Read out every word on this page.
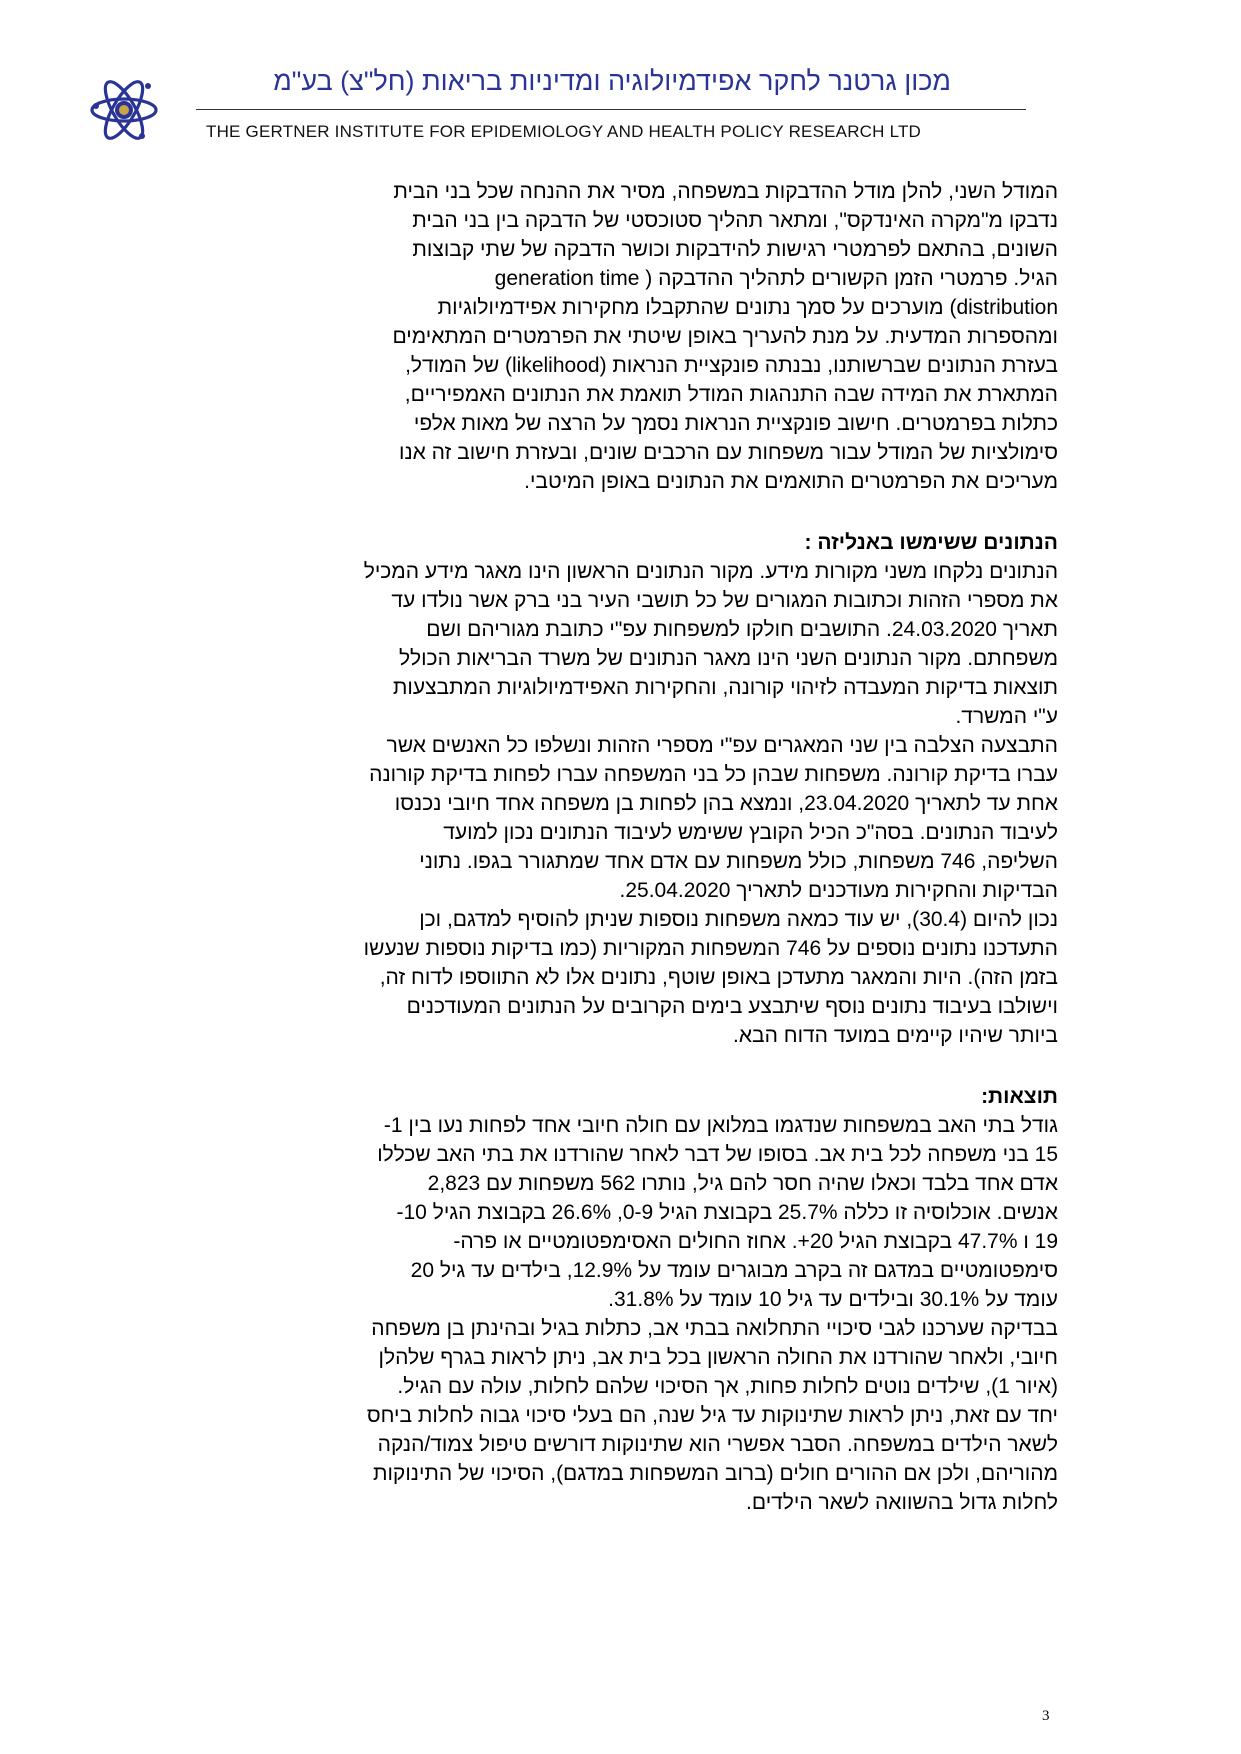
מכון גרטנר לחקר אפידמיולוגיה ומדיניות בריאות (חל"צ) בע"מ
THE GERTNER INSTITUTE FOR EPIDEMIOLOGY AND HEALTH POLICY RESEARCH LTD
המודל השני, להלן מודל ההדבקות במשפחה, מסיר את ההנחה שכל בני הבית
נדבקו מ"מקרה האינדקס", ומתאר תהליך סטוכסטי של הדבקה בין בני הבית
השונים, בהתאם לפרמטרי רגישות להידבקות וכושר הדבקה של שתי קבוצות
הגיל. פרמטרי הזמן הקשורים לתהליך ההדבקה ( generation time
distribution) מוערכים על סמך נתונים שהתקבלו מחקירות אפידמיולוגיות
ומהספרות המדעית. על מנת להעריך באופן שיטתי את הפרמטרים המתאימים
בעזרת הנתונים שברשותנו, נבנתה פונקציית הנראות (likelihood) של המודל,
המתארת את המידה שבה התנהגות המודל תואמת את הנתונים האמפיריים,
כתלות בפרמטרים. חישוב פונקציית הנראות נסמך על הרצה של מאות אלפי
סימולציות של המודל עבור משפחות עם הרכבים שונים, ובעזרת חישוב זה אנו
מעריכים את הפרמטרים התואמים את הנתונים באופן המיטבי.
הנתונים ששימשו באנליזה :
הנתונים נלקחו משני מקורות מידע. מקור הנתונים הראשון הינו מאגר מידע המכיל
את מספרי הזהות וכתובות המגורים של כל תושבי העיר בני ברק אשר נולדו עד
תאריך 24.03.2020. התושבים חולקו למשפחות עפ"י כתובת מגוריהם ושם
משפחתם. מקור הנתונים השני הינו מאגר הנתונים של משרד הבריאות הכולל
תוצאות בדיקות המעבדה לזיהוי קורונה, והחקירות האפידמיולוגיות המתבצעות
ע"י המשרד.
התבצעה הצלבה בין שני המאגרים עפ"י מספרי הזהות ונשלפו כל האנשים אשר
עברו בדיקת קורונה. משפחות שבהן כל בני המשפחה עברו לפחות בדיקת קורונה
אחת עד לתאריך 23.04.2020, ונמצא בהן לפחות בן משפחה אחד חיובי נכנסו
לעיבוד הנתונים. בסה"כ הכיל הקובץ ששימש לעיבוד הנתונים נכון למועד
השליפה, 746 משפחות, כולל משפחות עם אדם אחד שמתגורר בגפו. נתוני
הבדיקות והחקירות מעודכנים לתאריך 25.04.2020.
נכון להיום (30.4), יש עוד כמאה משפחות נוספות שניתן להוסיף למדגם, וכן
התעדכנו נתונים נוספים על 746 המשפחות המקוריות (כמו בדיקות נוספות שנעשו
בזמן הזה). היות והמאגר מתעדכן באופן שוטף, נתונים אלו לא התווספו לדוח זה,
וישולבו בעיבוד נתונים נוסף שיתבצע בימים הקרובים על הנתונים המעודכנים
ביותר שיהיו קיימים במועד הדוח הבא.
תוצאות:
גודל בתי האב במשפחות שנדגמו במלואן עם חולה חיובי אחד לפחות נעו בין 1-
15 בני משפחה לכל בית אב. בסופו של דבר לאחר שהורדנו את בתי האב שכללו
אדם אחד בלבד וכאלו שהיה חסר להם גיל, נותרו 562 משפחות עם 2,823
אנשים. אוכלוסיה זו כללה 25.7% בקבוצת הגיל 0-9, 26.6% בקבוצת הגיל 10-
19 ו 47.7% בקבוצת הגיל 20+. אחוז החולים האסימפטומטיים או פרה-
סימפטומטיים במדגם זה בקרב מבוגרים עומד על 12.9%, בילדים עד גיל 20
עומד על 30.1% ובילדים עד גיל 10 עומד על 31.8%.
בבדיקה שערכנו לגבי סיכויי התחלואה בבתי אב, כתלות בגיל ובהינתן בן משפחה
חיובי, ולאחר שהורדנו את החולה הראשון בכל בית אב, ניתן לראות בגרף שלהלן
(איור 1), שילדים נוטים לחלות פחות, אך הסיכוי שלהם לחלות, עולה עם הגיל.
יחד עם זאת, ניתן לראות שתינוקות עד גיל שנה, הם בעלי סיכוי גבוה לחלות ביחס
לשאר הילדים במשפחה. הסבר אפשרי הוא שתינוקות דורשים טיפול צמוד/הנקה
מהוריהם, ולכן אם ההורים חולים (ברוב המשפחות במדגם), הסיכוי של התינוקות
לחלות גדול בהשוואה לשאר הילדים.
3
